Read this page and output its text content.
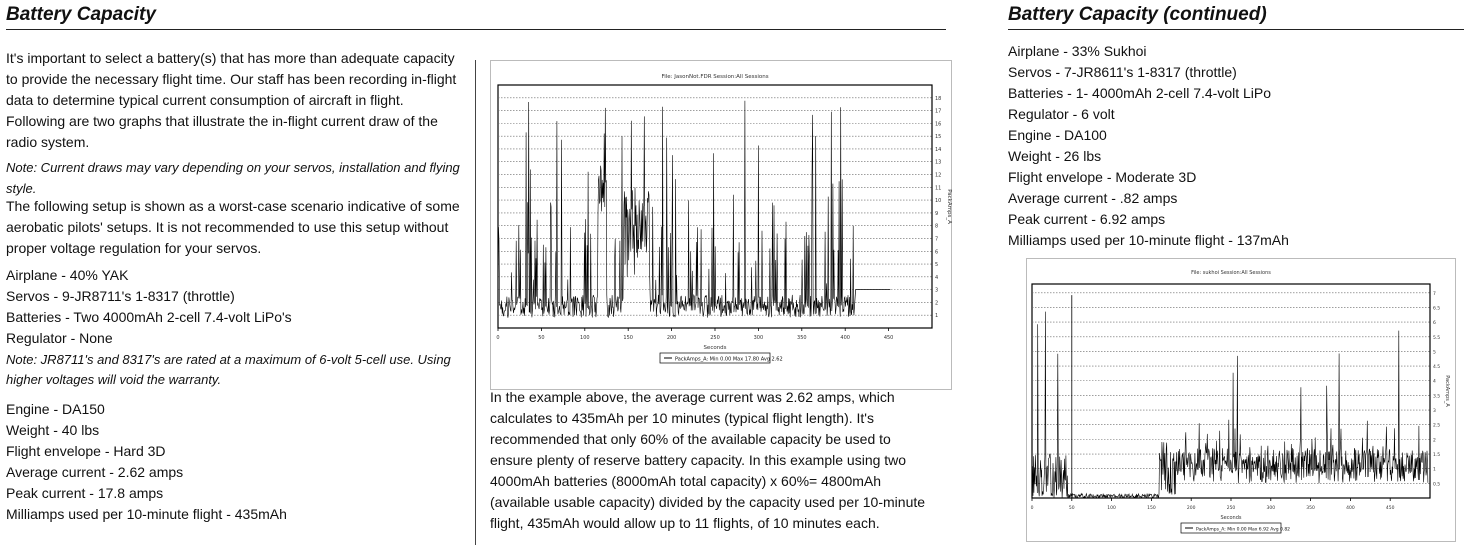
Battery Capacity

It's important to select a battery(s) that has more than adequate capacity to provide the necessary flight time. Our staff has been recording in-flight data to determine typical current consumption of aircraft in flight. Following are two graphs that illustrate the in-flight current draw of the radio system.

Note: Current draws may vary depending on your servos, installation and flying style.

The following setup is shown as a worst-case scenario indicative of some aerobatic pilots' setups. It is not recommended to use this setup without proper voltage regulation for your servos.

Airplane - 40% YAK
Servos - 9-JR8711's 1-8317 (throttle)
Batteries - Two 4000mAh 2-cell 7.4-volt LiPo's
Regulator - None

Note: JR8711's and 8317's are rated at a maximum of 6-volt 5-cell use. Using higher voltages will void the warranty.

Engine - DA150
Weight - 40 lbs
Flight envelope - Hard 3D
Average current - 2.62 amps
Peak current - 17.8 amps
Milliamps used per 10-minute flight - 435mAh
File: JasonNot.FDR Session:All Sessions
1
2
3
4
5
6
7
8
9
10
11
12
13
14
15
16
17
18
PackAmps_A
0	50	100	150	200	250	300	350	400	450
Seconds
PackAmps_A: Min 0.00 Max 17.80 Avg 2.62

In the example above, the average current was 2.62 amps, which calculates to 435mAh per 10 minutes (typical flight length). It's recommended that only 60% of the available capacity be used to ensure plenty of reserve battery capacity. In this example using two 4000mAh batteries (8000mAh total capacity) x 60%= 4800mAh (available usable capacity) divided by the capacity used per 10-minute flight, 435mAh would allow up to 11 flights, of 10 minutes each.

Battery Capacity (continued)
Airplane - 33% Sukhoi
Servos - 7-JR8611's 1-8317 (throttle)
Batteries - 1- 4000mAh 2-cell 7.4-volt LiPo
Regulator - 6 volt
Engine - DA100
Weight - 26 lbs
Flight envelope - Moderate 3D
Average current - .82 amps
Peak current - 6.92 amps
Milliamps used per 10-minute flight - 137mAh
File: sukhoi Session:All Sessions
0.5
1
1.5
2
2.5
3
3.5
4
4.5
5
5.5
6
6.5
7
PackAmps_A
0	50	100	150	200	250	300	350	400	450
Seconds
PackAmps_A: Min 0.00 Max 6.92 Avg 0.82
